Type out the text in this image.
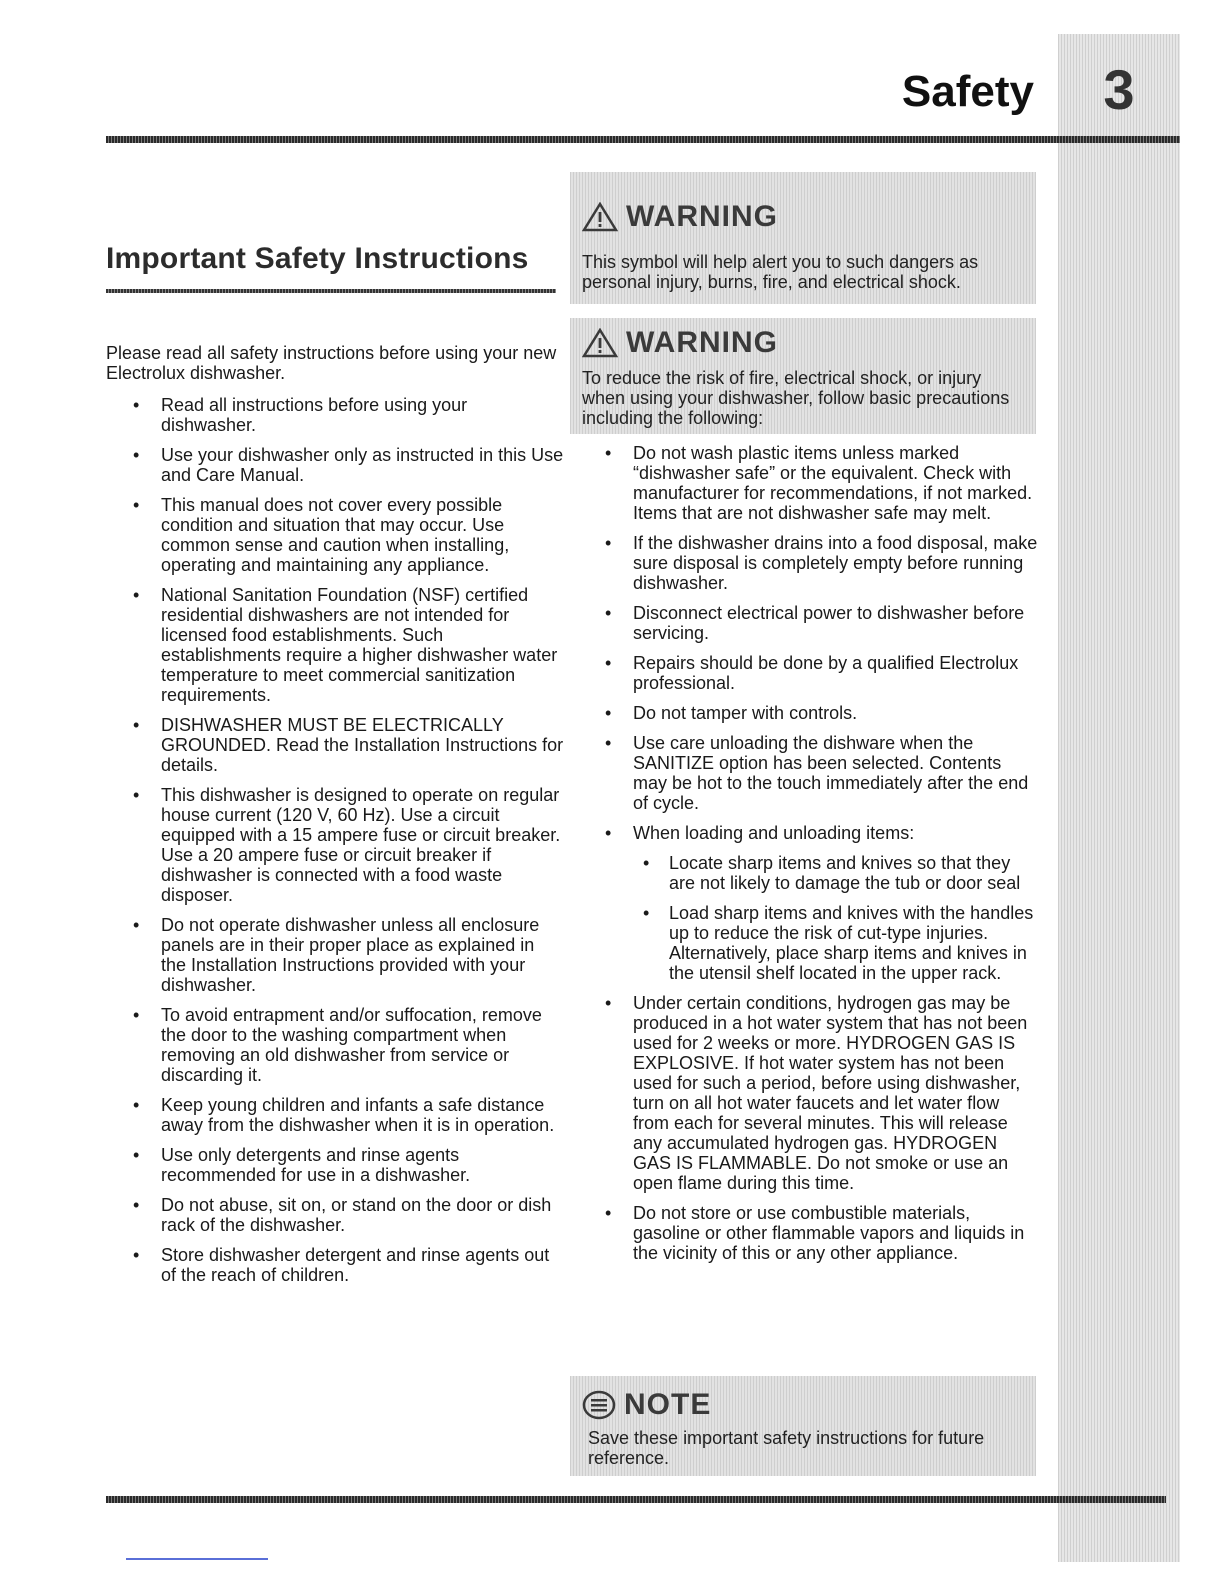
3
Safety
Important Safety Instructions

Please read all safety instructions before using your new Electrolux dishwasher.

• Read all instructions before using your dishwasher.
• Use your dishwasher only as instructed in this Use and Care Manual.
• This manual does not cover every possible condition and situation that may occur. Use common sense and caution when installing, operating and maintaining any appliance.
• National Sanitation Foundation (NSF) certified residential dishwashers are not intended for licensed food establishments. Such establishments require a higher dishwasher water temperature to meet commercial sanitization requirements.
• DISHWASHER MUST BE ELECTRICALLY GROUNDED. Read the Installation Instructions for details.
• This dishwasher is designed to operate on regular house current (120 V, 60 Hz). Use a circuit equipped with a 15 ampere fuse or circuit breaker. Use a 20 ampere fuse or circuit breaker if dishwasher is connected with a food waste disposer.
• Do not operate dishwasher unless all enclosure panels are in their proper place as explained in the Installation Instructions provided with your dishwasher.
• To avoid entrapment and/or suffocation, remove the door to the washing compartment when removing an old dishwasher from service or discarding it.
• Keep young children and infants a safe distance away from the dishwasher when it is in operation.
• Use only detergents and rinse agents recommended for use in a dishwasher.
• Do not abuse, sit on, or stand on the door or dish rack of the dishwasher.
• Store dishwasher detergent and rinse agents out of the reach of children.
WARNING
This symbol will help alert you to such dangers as personal injury, burns, fire, and electrical shock.
WARNING
To reduce the risk of fire, electrical shock, or injury when using your dishwasher, follow basic precautions including the following:
• Do not wash plastic items unless marked “dishwasher safe” or the equivalent. Check with manufacturer for recommendations, if not marked. Items that are not dishwasher safe may melt.
• If the dishwasher drains into a food disposal, make sure disposal is completely empty before running dishwasher.
• Disconnect electrical power to dishwasher before servicing.
• Repairs should be done by a qualified Electrolux professional.
• Do not tamper with controls.
• Use care unloading the dishware when the SANITIZE option has been selected. Contents may be hot to the touch immediately after the end of cycle.
• When loading and unloading items:
• Locate sharp items and knives so that they are not likely to damage the tub or door seal
• Load sharp items and knives with the handles up to reduce the risk of cut-type injuries. Alternatively, place sharp items and knives in the utensil shelf located in the upper rack.
• Under certain conditions, hydrogen gas may be produced in a hot water system that has not been used for 2 weeks or more. HYDROGEN GAS IS EXPLOSIVE. If hot water system has not been used for such a period, before using dishwasher, turn on all hot water faucets and let water flow from each for several minutes. This will release any accumulated hydrogen gas. HYDROGEN GAS IS FLAMMABLE. Do not smoke or use an open flame during this time.
• Do not store or use combustible materials, gasoline or other flammable vapors and liquids in the vicinity of this or any other appliance.
NOTE
Save these important safety instructions for future reference.
